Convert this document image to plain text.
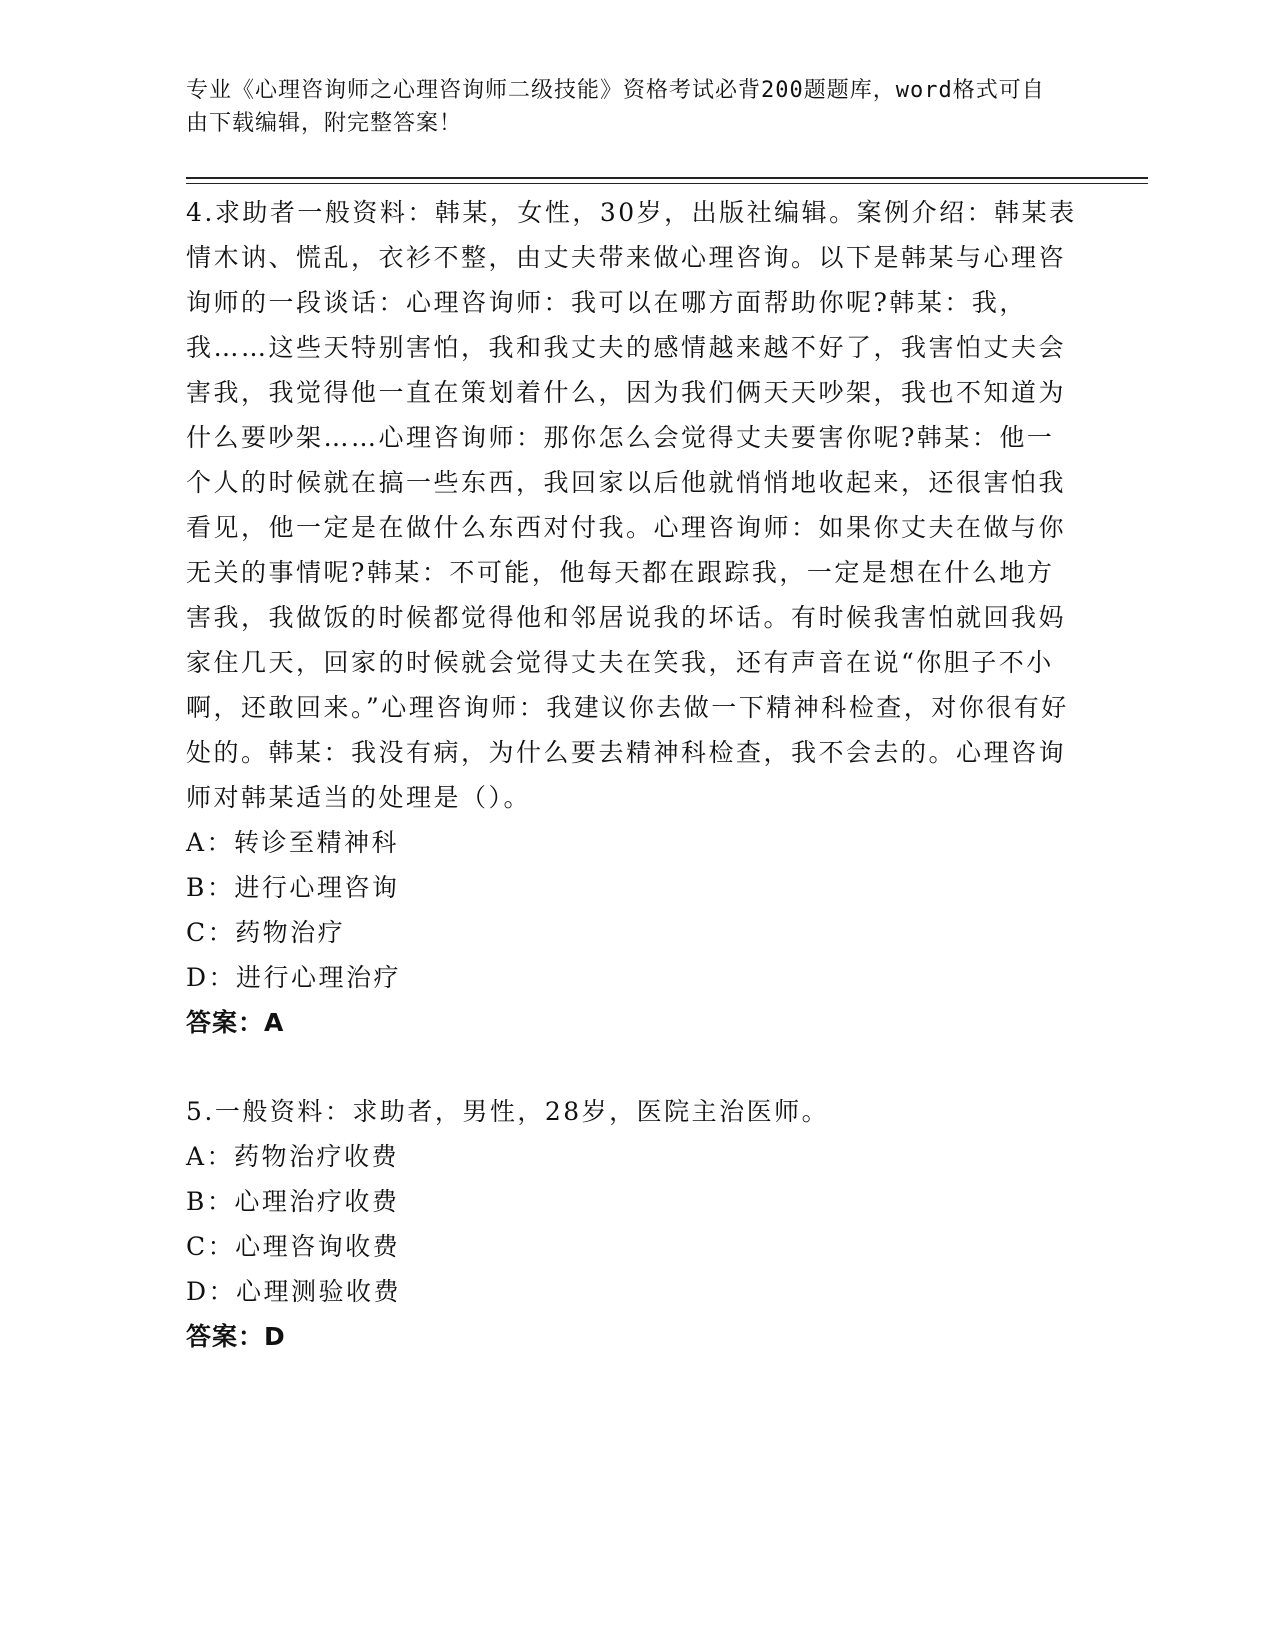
专业《心理咨询师之心理咨询师二级技能》资格考试必背200题题库，word格式可自由下载编辑，附完整答案！

4.求助者一般资料：韩某，女性，30岁，出版社编辑。案例介绍：韩某表情木讷、慌乱，衣衫不整，由丈夫带来做心理咨询。以下是韩某与心理咨询师的一段谈话：心理咨询师：我可以在哪方面帮助你呢?韩某：我，我……这些天特别害怕，我和我丈夫的感情越来越不好了，我害怕丈夫会害我，我觉得他一直在策划着什么，因为我们俩天天吵架，我也不知道为什么要吵架……心理咨询师：那你怎么会觉得丈夫要害你呢?韩某：他一个人的时候就在搞一些东西，我回家以后他就悄悄地收起来，还很害怕我看见，他一定是在做什么东西对付我。心理咨询师：如果你丈夫在做与你无关的事情呢?韩某：不可能，他每天都在跟踪我，一定是想在什么地方害我，我做饭的时候都觉得他和邻居说我的坏话。有时候我害怕就回我妈家住几天，回家的时候就会觉得丈夫在笑我，还有声音在说“你胆子不小啊，还敢回来。”心理咨询师：我建议你去做一下精神科检查，对你很有好处的。韩某：我没有病，为什么要去精神科检查，我不会去的。心理咨询师对韩某适当的处理是（）。

A：转诊至精神科

B：进行心理咨询

C：药物治疗

D：进行心理治疗

答案：A

5.一般资料：求助者，男性，28岁，医院主治医师。

A：药物治疗收费

B：心理治疗收费

C：心理咨询收费

D：心理测验收费

答案：D
